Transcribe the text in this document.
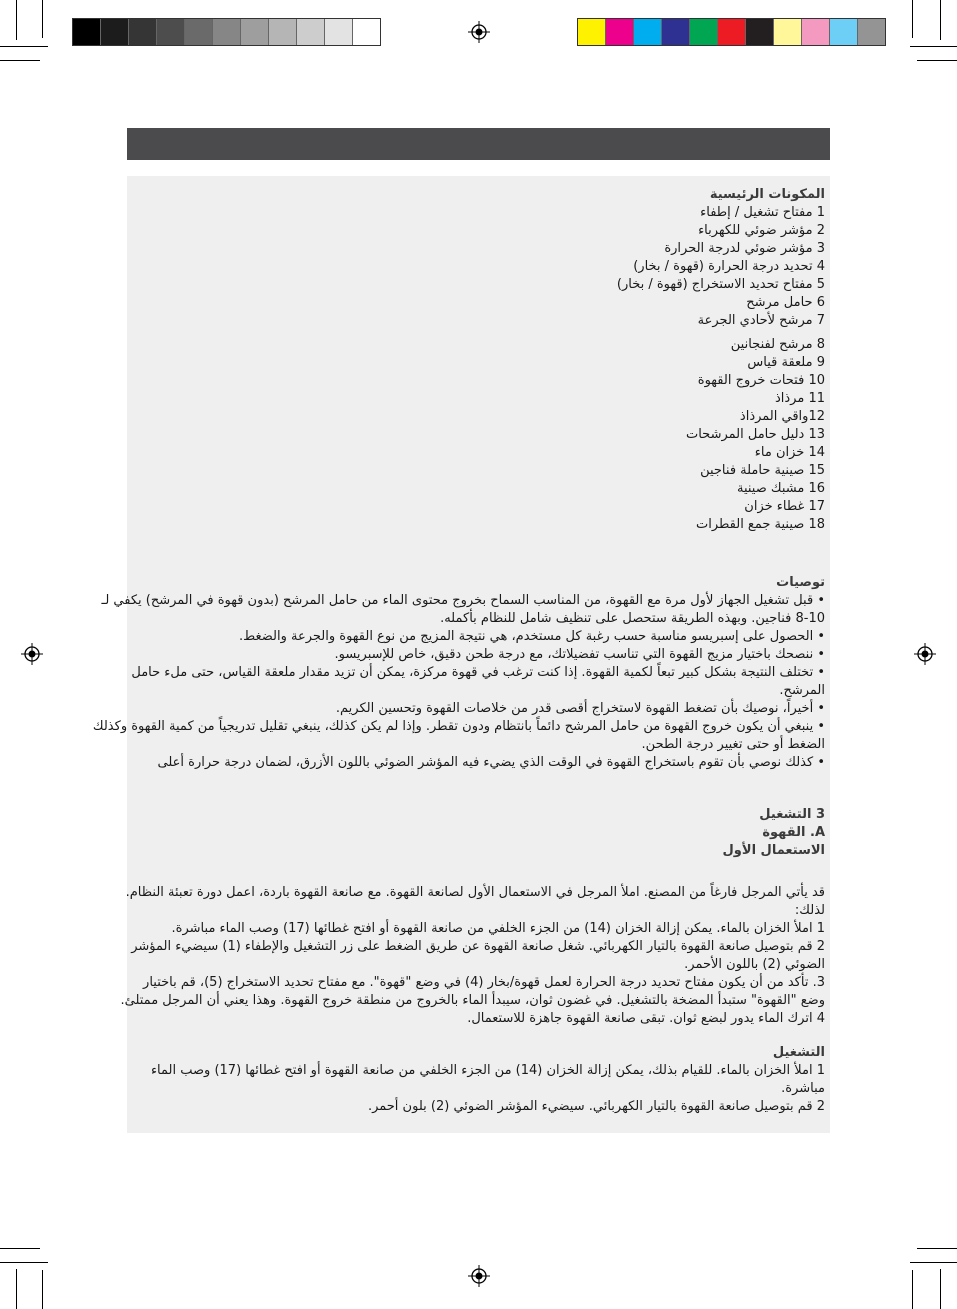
المكونات الرئيسية

1 مفتاح تشغيل / إطفاء

2 مؤشر ضوئي للكهرباء

3 مؤشر ضوئي لدرجة الحرارة

4 تحديد درجة الحرارة (قهوة / بخار)

5 مفتاح تحديد الاستخراج (قهوة / بخار)

6 حامل مرشح

7 مرشح لأحادي الجرعة

8 مرشح لفنجانين

9 ملعقة قياس

10 فتحات خروج القهوة

11 مرذاذ

12واقي المرذاذ

13 دليل حامل المرشحات

14 خزان ماء

15 صينية حاملة فناجين

16 مشبك صينية

17 غطاء خزان

18 صينية جمع القطرات

توصيات

• قبل تشغيل الجهاز لأول مرة مع القهوة، من المناسب السماح بخروج محتوى الماء من حامل المرشح (بدون قهوة في المرشح) يكفي لـ

8-10 فناجين. وبهذه الطريقة ستحصل على تنظيف شامل للنظام بأكمله.

• الحصول على إسبريسو مناسبة حسب رغبة كل مستخدم، هي نتيجة المزيج من نوع القهوة والجرعة والضغط.

• ننصحك باختيار مزيج القهوة التي تناسب تفضيلاتك، مع درجة طحن دقيق، خاص للإسبريسو.

• تختلف النتيجة بشكل كبير تبعاً لكمية القهوة. إذا كنت ترغب في قهوة مركزة، يمكن أن تزيد مقدار ملعقة القياس، حتى ملء حامل

المرشح.

• أخيراً، نوصيك بأن تضغط القهوة لاستخراج أقصى قدر من خلاصات القهوة وتحسين الكريم.

• ينبغي أن يكون خروج القهوة من حامل المرشح دائماً بانتظام ودون تقطر. وإذا لم يكن كذلك، ينبغي تقليل تدريجياً من كمية القهوة وكذلك

الضغط أو حتى تغيير درجة الطحن.

• كذلك نوصي بأن تقوم باستخراج القهوة في الوقت الذي يضيء فيه المؤشر الضوئي باللون الأزرق، لضمان درجة حرارة أعلى

3 التشغيل

A. القهوة

الاستعمال الأول

قد يأتي المرجل فارغاً من المصنع. املأ المرجل في الاستعمال الأول لصانعة القهوة. مع صانعة القهوة باردة، اعمل دورة تعبئة النظام.

لذلك:

1 املأ الخزان بالماء. يمكن إزالة الخزان (14) من الجزء الخلفي من صانعة القهوة أو افتح غطائها (17) وصب الماء مباشرة.

2 قم بتوصيل صانعة القهوة بالتيار الكهربائي. شغل صانعة القهوة عن طريق الضغط على زر التشغيل والإطفاء (1) سيضيء المؤشر

الضوئي (2) باللون الأحمر.

3. تأكد من أن يكون مفتاح تحديد درجة الحرارة لعمل قهوة/بخار (4) في وضع "قهوة". مع مفتاح تحديد الاستخراج (5)، قم باختيار

وضع "القهوة" ستبدأ المضخة بالتشغيل. في غضون ثوان، سيبدأ الماء بالخروج من منطقة خروج القهوة. وهذا يعني أن المرجل ممتلئ.

4 اترك الماء يدور لبضع ثوان. تبقى صانعة القهوة جاهزة للاستعمال.

التشغيل

1 املأ الخزان بالماء. للقيام بذلك، يمكن إزالة الخزان (14) من الجزء الخلفي من صانعة القهوة أو افتح غطائها (17) وصب الماء

مباشرة.

2 قم بتوصيل صانعة القهوة بالتيار الكهربائي. سيضيء المؤشر الضوئي (2) بلون أحمر.
